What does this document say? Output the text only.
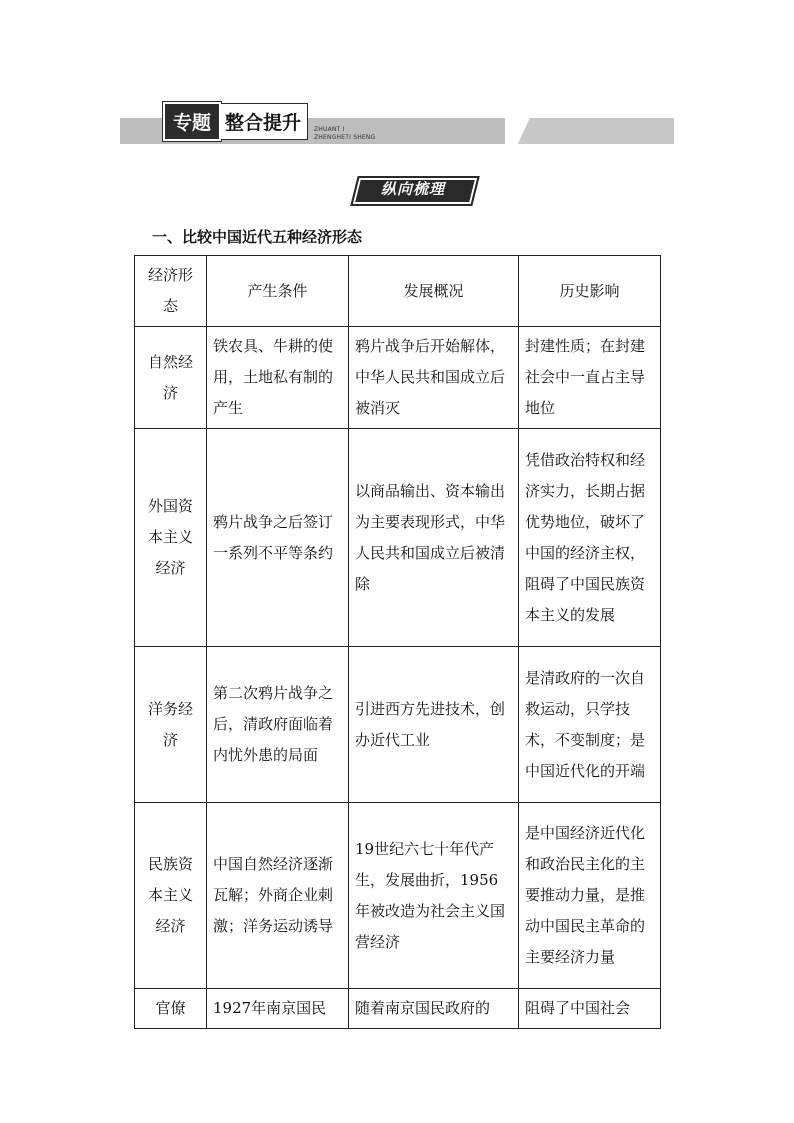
专题 整合提升	ZHUANT I
ZHENGHETI SHENG
纵向梳理
一、比较中国近代五种经济形态
经济形态	产生条件	发展概况	历史影响
自然经济	铁农具、牛耕的使用，土地私有制的产生	鸦片战争后开始解体，中华人民共和国成立后被消灭	封建性质；在封建社会中一直占主导地位
外国资本主义经济	鸦片战争之后签订一系列不平等条约	以商品输出、资本输出为主要表现形式，中华人民共和国成立后被清除	凭借政治特权和经济实力，长期占据优势地位，破坏了中国的经济主权，阻碍了中国民族资本主义的发展
洋务经济	第二次鸦片战争之后，清政府面临着内忧外患的局面	引进西方先进技术，创办近代工业	是清政府的一次自救运动，只学技术，不变制度；是中国近代化的开端
民族资本主义经济	中国自然经济逐渐瓦解；外商企业刺激；洋务运动诱导	19世纪六七十年代产生，发展曲折，1956年被改造为社会主义国营经济	是中国经济近代化和政治民主化的主要推动力量，是推动中国民主革命的主要经济力量
官僚	1927年南京国民	随着南京国民政府的	阻碍了中国社会
